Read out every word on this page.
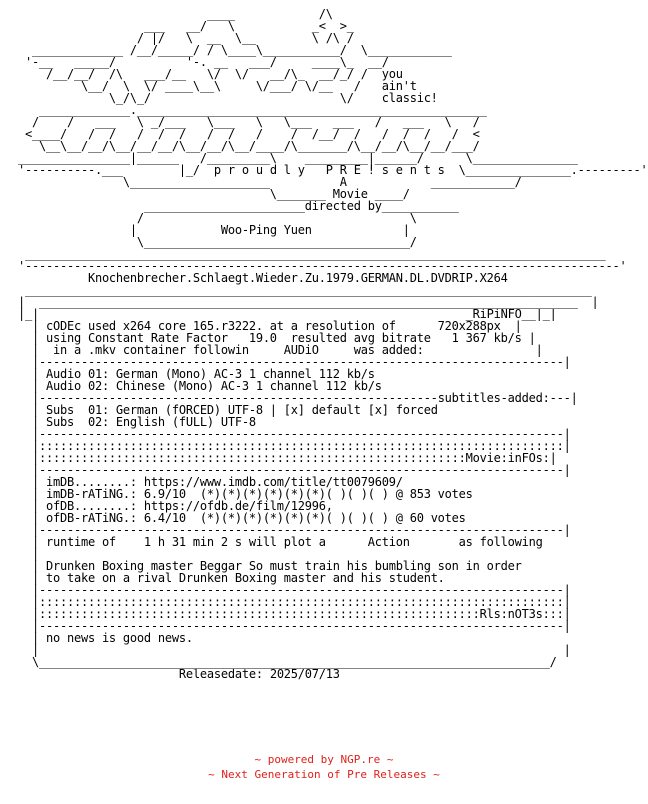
____            /\
___   __/   \           _<  >_
/ |/   \  __  \__        \ /\ /
_____________ /__/_____/ / \____\___________/  \____________
'-__   _____/          '-. __   ___/     ____\_  __/
/__/__/  /\   ___/__   \/  \/   __/\_  __/_/ /  you
\__/  \  \/ ____\__\     \/___/ \/__   /   ain't
\_/\_/                           \/    classic!
_____________.__________________________________________________
/    /   ___   \ _/___   \___   \   \___   ___   /   ___   \   /
<____/   /  /   /  /  /   /  /   /    /  /__/  /   /  /  /   /  <
\__\__/__/\__/__/__/\__/__/\__/____/\_______/\__/__/\__/__/___/
________________|______   /_________\    _________|______/      \_______________
'----------.___        |_/  p r o u d l y   P R E ! s e n t s  \_______________.---------'
\____________________	A	____________/
\_______ Movie ____/
_______________________directed by___________
/                                      \
|	Woo-Ping Yuen	|
\______________________________________/
___________________________________________________________________________________
'-------------------------------------------------------------------------------------'
Knochenbrecher.Schlaegt.Wieder.Zu.1979.GERMAN.DL.DVDRIP.X264
_________________________________________________________________________________
|  _____________________________________________________________________________  |
|_|                                                             _RiPiNFO__|_|
| cODEc used x264 core 165.r3222. at a resolution of      720x288px  |
| using Constant Rate Factor   19.0  resulted avg bitrate   1 367 kb/s |
|  in a .mkv container followin     AUDiO     was added:	|
|---------------------------------------------------------------------------|
| Audio 01: German (Mono) AC-3 1 channel 112 kb/s
| Audio 02: Chinese (Mono) AC-3 1 channel 112 kb/s
|---------------------------------------------------------subtitles-added:---|
| Subs  01: German (fORCED) UTF-8 | [x] default [x] forced
| Subs  02: English (fULL) UTF-8
|---------------------------------------------------------------------------|
|:::::::::::::::::::::::::::::::::::::::::::::::::::::::::::::::::::::::::::|
|:::::::::::::::::::::::::::::::::::::::::::::::::::::::::::::Movie:inFOs:|
|---------------------------------------------------------------------------|
| imDB........: https://www.imdb.com/title/tt0079609/
| imDB-rATiNG.: 6.9/10  (*)(*)(*)(*)(*)(*)( )( )( ) @ 853 votes
| ofDB........: https://ofdb.de/film/12996,
| ofDB-rATiNG.: 6.4/10  (*)(*)(*)(*)(*)(*)( )( )( ) @ 60 votes
|---------------------------------------------------------------------------|
| runtime of    1 h 31 min 2 s will plot a      Action       as following
|
| Drunken Boxing master Beggar So must train his bumbling son in order
| to take on a rival Drunken Boxing master and his student.
|---------------------------------------------------------------------------|
|:::::::::::::::::::::::::::::::::::::::::::::::::::::::::::::::::::::::::::|
|:::::::::::::::::::::::::::::::::::::::::::::::::::::::::::::::Rls:nOT3s:::|
|---------------------------------------------------------------------------|
| no news is good news.
|                                                                           |
\_________________________________________________________________________/
Releasedate: 2025/07/13
~ powered by NGP.re ~
~ Next Generation of Pre Releases ~
